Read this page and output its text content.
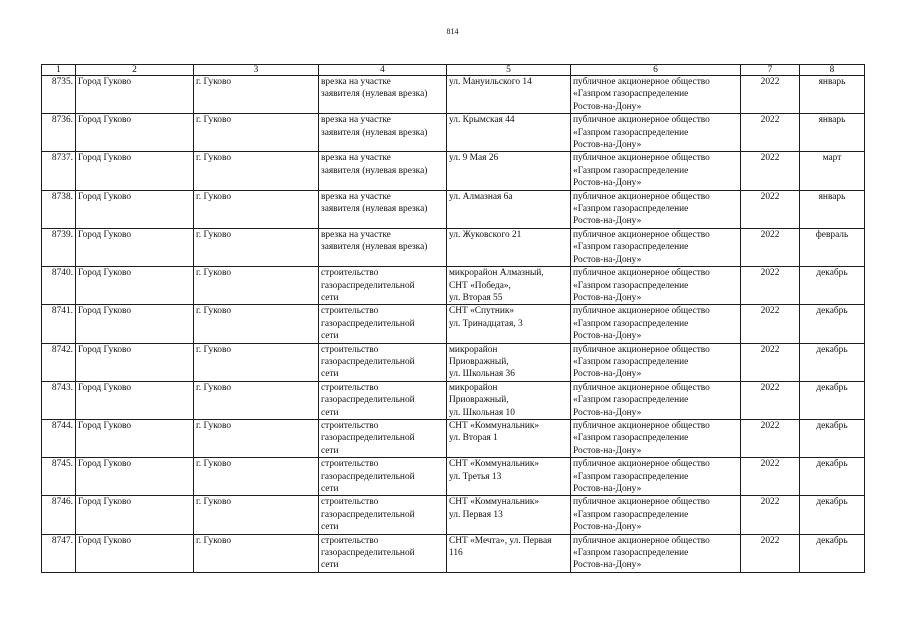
814
1	2	3	4	5	6	7	8
8735.	Город Гуково	г. Гуково	врезка на участке
заявителя (нулевая врезка)	ул. Мануильского 14	публичное акционерное общество
«Газпром газораспределение
Ростов-на-Дону»	2022	январь
8736.	Город Гуково	г. Гуково	врезка на участке
заявителя (нулевая врезка)	ул. Крымская 44	публичное акционерное общество
«Газпром газораспределение
Ростов-на-Дону»	2022	январь
8737.	Город Гуково	г. Гуково	врезка на участке
заявителя (нулевая врезка)	ул. 9 Мая 26	публичное акционерное общество
«Газпром газораспределение
Ростов-на-Дону»	2022	март
8738.	Город Гуково	г. Гуково	врезка на участке
заявителя (нулевая врезка)	ул. Алмазная 6а	публичное акционерное общество
«Газпром газораспределение
Ростов-на-Дону»	2022	январь
8739.	Город Гуково	г. Гуково	врезка на участке
заявителя (нулевая врезка)	ул. Жуковского 21	публичное акционерное общество
«Газпром газораспределение
Ростов-на-Дону»	2022	февраль
8740.	Город Гуково	г. Гуково	строительство
газораспределительной
сети	микрорайон Алмазный,
СНТ «Победа»,
ул. Вторая 55	публичное акционерное общество
«Газпром газораспределение
Ростов-на-Дону»	2022	декабрь
8741.	Город Гуково	г. Гуково	строительство
газораспределительной
сети	СНТ «Спутник»
ул. Тринадцатая, 3	публичное акционерное общество
«Газпром газораспределение
Ростов-на-Дону»	2022	декабрь
8742.	Город Гуково	г. Гуково	строительство
газораспределительной
сети	микрорайон
Приовражный,
ул. Школьная 36	публичное акционерное общество
«Газпром газораспределение
Ростов-на-Дону»	2022	декабрь
8743.	Город Гуково	г. Гуково	строительство
газораспределительной
сети	микрорайон
Приовражный,
ул. Школьная 10	публичное акционерное общество
«Газпром газораспределение
Ростов-на-Дону»	2022	декабрь
8744.	Город Гуково	г. Гуково	строительство
газораспределительной
сети	СНТ «Коммунальник»
ул. Вторая 1	публичное акционерное общество
«Газпром газораспределение
Ростов-на-Дону»	2022	декабрь
8745.	Город Гуково	г. Гуково	строительство
газораспределительной
сети	СНТ «Коммунальник»
ул. Третья 13	публичное акционерное общество
«Газпром газораспределение
Ростов-на-Дону»	2022	декабрь
8746.	Город Гуково	г. Гуково	строительство
газораспределительной
сети	СНТ «Коммунальник»
ул. Первая 13	публичное акционерное общество
«Газпром газораспределение
Ростов-на-Дону»	2022	декабрь
8747.	Город Гуково	г. Гуково	строительство
газораспределительной
сети	СНТ «Мечта», ул. Первая
116	публичное акционерное общество
«Газпром газораспределение
Ростов-на-Дону»	2022	декабрь
